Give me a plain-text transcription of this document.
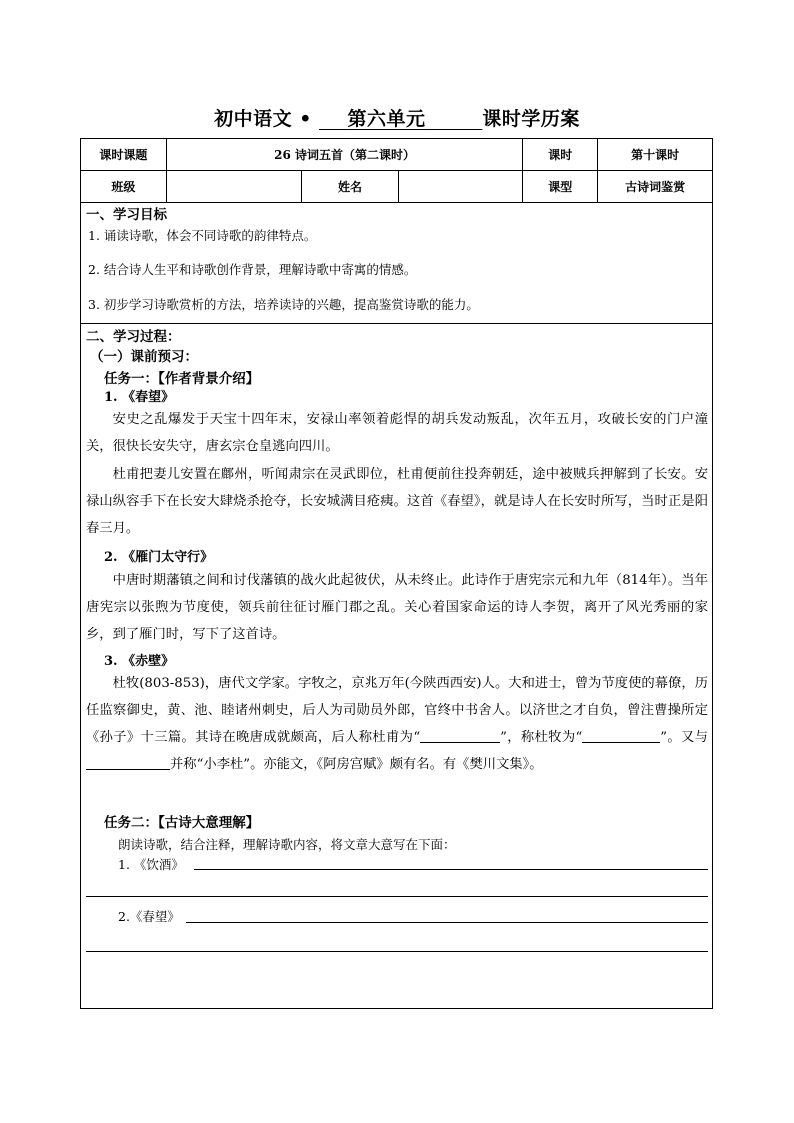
初中语文 •     第六单元	课时学历案
课时课题	26 诗词五首（第二课时）			课时	第十课时
班级		姓名		课型	古诗词鉴赏
一、学习目标
1. 诵读诗歌，体会不同诗歌的韵律特点。
2. 结合诗人生平和诗歌创作背景，理解诗歌中寄寓的情感。
3. 初步学习诗歌赏析的方法，培养读诗的兴趣，提高鉴赏诗歌的能力。
二、学习过程：
（一）课前预习：
任务一：【作者背景介绍】
1. 《春望》
安史之乱爆发于天宝十四年末，安禄山率领着彪悍的胡兵发动叛乱，次年五月，攻破长安的门户潼关，很快长安失守，唐玄宗仓皇逃向四川。
杜甫把妻儿安置在鄜州，听闻肃宗在灵武即位，杜甫便前往投奔朝廷，途中被贼兵押解到了长安。安禄山纵容手下在长安大肆烧杀抢夺，长安城满目疮痍。这首《春望》，就是诗人在长安时所写，当时正是阳春三月。
2. 《雁门太守行》
中唐时期藩镇之间和讨伐藩镇的战火此起彼伏，从未终止。此诗作于唐宪宗元和九年（814年）。当年唐宪宗以张煦为节度使，领兵前往征讨雁门郡之乱。关心着国家命运的诗人李贺，离开了风光秀丽的家乡，到了雁门时，写下了这首诗。
3. 《赤壁》
杜牧(803-853)，唐代文学家。字牧之，京兆万年(今陕西西安)人。大和进士，曾为节度使的幕僚，历任监察御史，黄、池、睦诸州刺史，后人为司勋员外郎，官终中书舍人。以济世之才自负，曾注曹操所定《孙子》十三篇。其诗在晚唐成就颇高，后人称杜甫为“	”，称杜牧为“	”。又与并称“小李杜”。亦能文，《阿房宫赋》颇有名。有《樊川文集》。
任务二：【古诗大意理解】
朗读诗歌，结合注释，理解诗歌内容，将文章大意写在下面：
1. 《饮酒》
2.《春望》
